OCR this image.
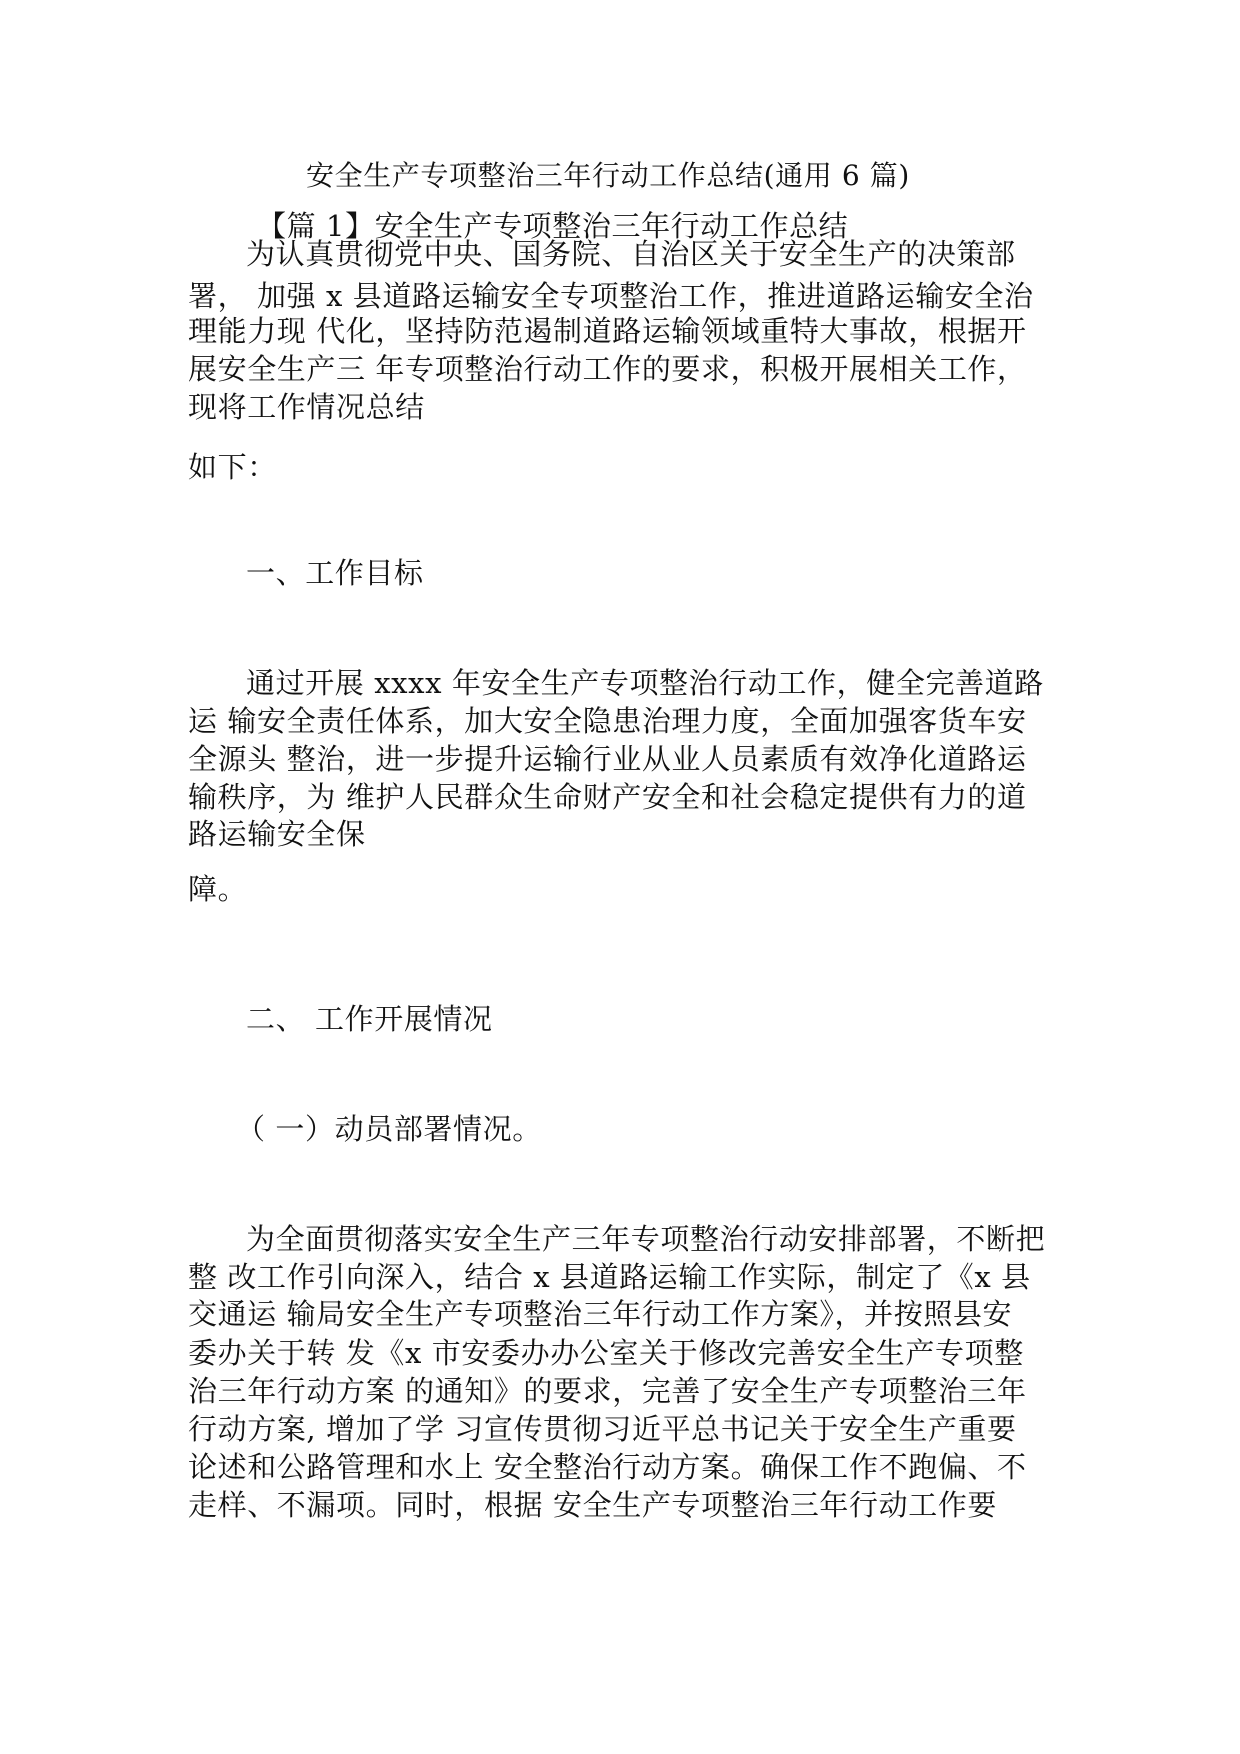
安全生产专项整治三年行动工作总结(通用 6 篇)
【篇 1】安全生产专项整治三年行动工作总结
为认真贯彻党中央、国务院、自治区关于安全生产的决策部
署， 加强 x 县道路运输安全专项整治工作，推进道路运输安全治
理能力现 代化，坚持防范遏制道路运输领域重特大事故，根据开
展安全生产三 年专项整治行动工作的要求，积极开展相关工作，
现将工作情况总结
如下：
一、工作目标
通过开展 xxxx 年安全生产专项整治行动工作，健全完善道路
运 输安全责任体系，加大安全隐患治理力度，全面加强客货车安
全源头 整治，进一步提升运输行业从业人员素质有效净化道路运
输秩序，为 维护人民群众生命财产安全和社会稳定提供有力的道
路运输安全保
障。
二、 工作开展情况
（ 一）动员部署情况。
为全面贯彻落实安全生产三年专项整治行动安排部署，不断把
整 改工作引向深入，结合 x 县道路运输工作实际，制定了《x 县
交通运 输局安全生产专项整治三年行动工作方案》，并按照县安
委办关于转 发《x 市安委办办公室关于修改完善安全生产专项整
治三年行动方案 的通知》的要求，完善了安全生产专项整治三年
行动方案, 增加了学 习宣传贯彻习近平总书记关于安全生产重要
论述和公路管理和水上 安全整治行动方案。确保工作不跑偏、不
走样、不漏项。同时，根据 安全生产专项整治三年行动工作要
